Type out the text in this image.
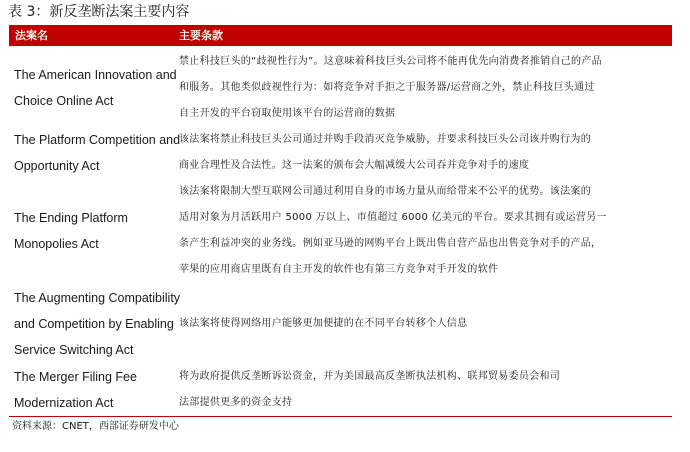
表 3：新反垄断法案主要内容
法案名	主要条款
禁止科技巨头的“歧视性行为”。这意味着科技巨头公司将不能再优先向消费者推销自己的产品
和服务。其他类似歧视性行为：如将竞争对手拒之于服务器/运营商之外，禁止科技巨头通过
自主开发的平台窃取使用该平台的运营商的数据
The American Innovation and
Choice Online Act
该法案将禁止科技巨头公司通过并购手段消灭竞争威胁，并要求科技巨头公司该并购行为的
商业合理性及合法性。这一法案的颁布会大幅减缓大公司吞并竞争对手的速度
The Platform Competition and
Opportunity Act
该法案将限制大型互联网公司通过利用自身的市场力量从而给带来不公平的优势。该法案的
适用对象为月活跃用户 5000 万以上、市值超过 6000 亿美元的平台。要求其拥有或运营另一
条产生利益冲突的业务线。例如亚马逊的网购平台上既出售自营产品也出售竞争对手的产品，
苹果的应用商店里既有自主开发的软件也有第三方竞争对手开发的软件
The Ending Platform
Monopolies Act
该法案将使得网络用户能够更加便捷的在不同平台转移个人信息
The Augmenting Compatibility
and Competition by Enabling
Service Switching Act
将为政府提供反垄断诉讼资金，并为美国最高反垄断执法机构、联邦贸易委员会和司
法部提供更多的资金支持
The Merger Filing Fee
Modernization Act
资料来源：CNET，西部证券研发中心
